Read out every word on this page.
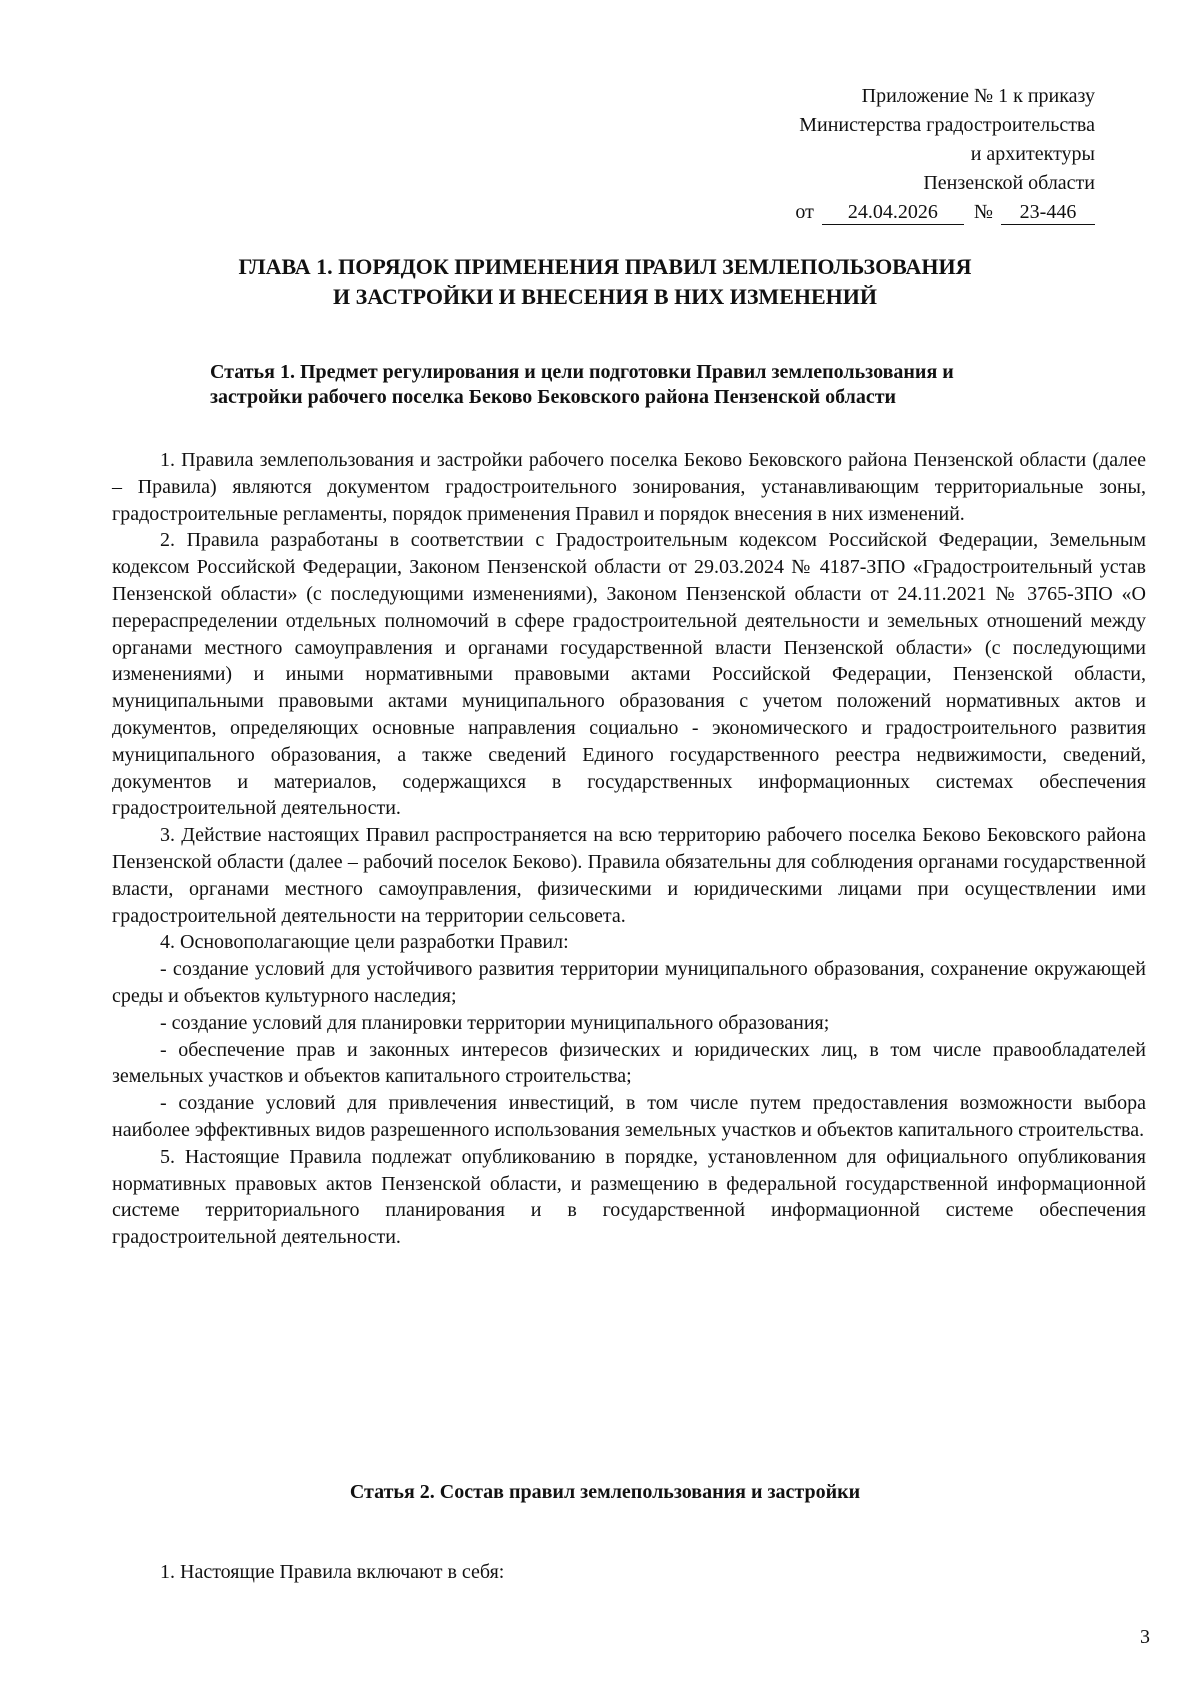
Приложение № 1 к приказу
Министерства градостроительства
и архитектуры
Пензенской области
от	24.04.2026	№	23-446
ГЛАВА 1. ПОРЯДОК ПРИМЕНЕНИЯ ПРАВИЛ ЗЕМЛЕПОЛЬЗОВАНИЯ
И ЗАСТРОЙКИ И ВНЕСЕНИЯ В НИХ ИЗМЕНЕНИЙ
Статья 1. Предмет регулирования и цели подготовки Правил землепользования и
застройки рабочего поселка Беково Бековского района Пензенской области

1. Правила землепользования и застройки рабочего поселка Беково Бековского района Пензенской области (далее – Правила) являются документом градостроительного зонирования, устанавливающим территориальные зоны, градостроительные регламенты, порядок применения Правил и порядок внесения в них изменений.

2. Правила разработаны в соответствии с Градостроительным кодексом Российской Федерации, Земельным кодексом Российской Федерации, Законом Пензенской области от 29.03.2024 № 4187-ЗПО «Градостроительный устав Пензенской области» (с последующими изменениями), Законом Пензенской области от 24.11.2021 № 3765-ЗПО «О перераспределении отдельных полномочий в сфере градостроительной деятельности и земельных отношений между органами местного самоуправления и органами государственной власти Пензенской области» (с последующими изменениями) и иными нормативными правовыми актами Российской Федерации, Пензенской области, муниципальными правовыми актами муниципального образования с учетом положений нормативных актов и документов, определяющих основные направления социально - экономического и градостроительного развития муниципального образования, а также сведений Единого государственного реестра недвижимости, сведений, документов и материалов, содержащихся в государственных информационных системах обеспечения градостроительной деятельности.

3. Действие настоящих Правил распространяется на всю территорию рабочего поселка Беково Бековского района Пензенской области (далее – рабочий поселок Беково). Правила обязательны для соблюдения органами государственной власти, органами местного самоуправления, физическими и юридическими лицами при осуществлении ими градостроительной деятельности на территории сельсовета.

4. Основополагающие цели разработки Правил:

- создание условий для устойчивого развития территории муниципального образования, сохранение окружающей среды и объектов культурного наследия;

- создание условий для планировки территории муниципального образования;

- обеспечение прав и законных интересов физических и юридических лиц, в том числе правообладателей земельных участков и объектов капитального строительства;

- создание условий для привлечения инвестиций, в том числе путем предоставления возможности выбора наиболее эффективных видов разрешенного использования земельных участков и объектов капитального строительства.

5. Настоящие Правила подлежат опубликованию в порядке, установленном для официального опубликования нормативных правовых актов Пензенской области, и размещению в федеральной государственной информационной системе территориального планирования и в государственной информационной системе обеспечения градостроительной деятельности.

Статья 2. Состав правил землепользования и застройки

1. Настоящие Правила включают в себя:

3
